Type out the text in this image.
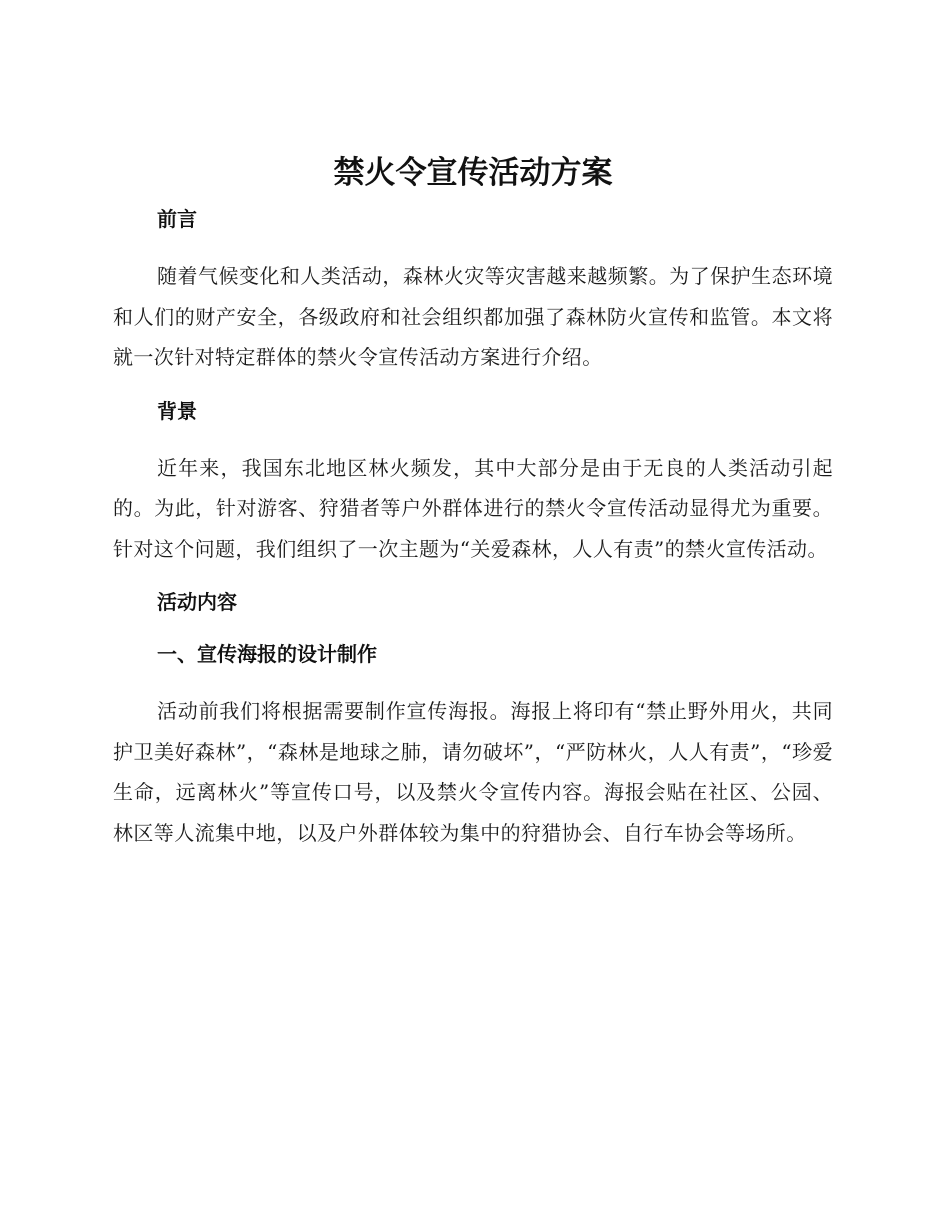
禁火令宣传活动方案
前言

随着气候变化和人类活动，森林火灾等灾害越来越频繁。为了保护生态环境和人们的财产安全，各级政府和社会组织都加强了森林防火宣传和监管。本文将就一次针对特定群体的禁火令宣传活动方案进行介绍。

背景

近年来，我国东北地区林火频发，其中大部分是由于无良的人类活动引起的。为此，针对游客、狩猎者等户外群体进行的禁火令宣传活动显得尤为重要。针对这个问题，我们组织了一次主题为“关爱森林，人人有责”的禁火宣传活动。

活动内容
一、宣传海报的设计制作

活动前我们将根据需要制作宣传海报。海报上将印有“禁止野外用火，共同护卫美好森林”，“森林是地球之肺，请勿破坏”，“严防林火，人人有责”，“珍爱生命，远离林火”等宣传口号，以及禁火令宣传内容。海报会贴在社区、公园、林区等人流集中地，以及户外群体较为集中的狩猎协会、自行车协会等场所。
